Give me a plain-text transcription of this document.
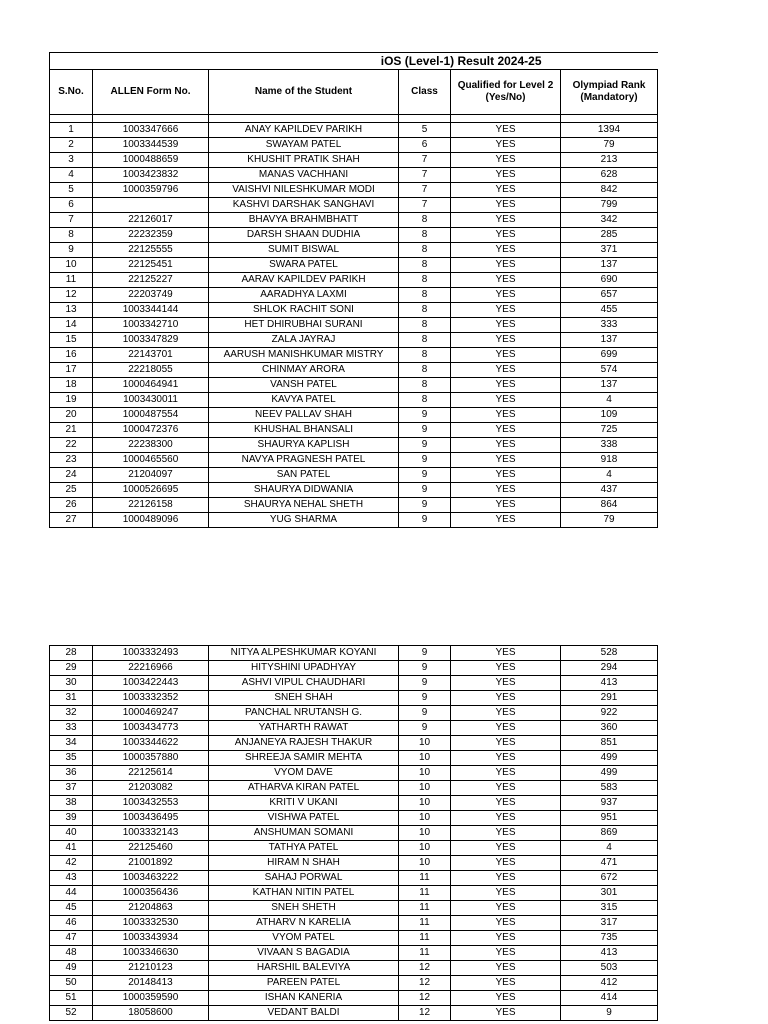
iOS (Level-1) Result 2024-25					
S.No.	ALLEN Form No.	Name of the Student	Class	Qualified for Level 2 (Yes/No)	Olympiad Rank (Mandatory)

1	1003347666	ANAY KAPILDEV PARIKH	5	YES	1394
2	1003344539	SWAYAM PATEL	6	YES	79
3	1000488659	KHUSHIT PRATIK SHAH	7	YES	213
4	1003423832	MANAS VACHHANI	7	YES	628
5	1000359796	VAISHVI NILESHKUMAR MODI	7	YES	842
6		KASHVI DARSHAK SANGHAVI	7	YES	799
7	22126017	BHAVYA BRAHMBHATT	8	YES	342
8	22232359	DARSH SHAAN DUDHIA	8	YES	285
9	22125555	SUMIT BISWAL	8	YES	371
10	22125451	SWARA PATEL	8	YES	137
11	22125227	AARAV KAPILDEV PARIKH	8	YES	690
12	22203749	AARADHYA LAXMI	8	YES	657
13	1003344144	SHLOK RACHIT SONI	8	YES	455
14	1003342710	HET DHIRUBHAI SURANI	8	YES	333
15	1003347829	ZALA JAYRAJ	8	YES	137
16	22143701	AARUSH MANISHKUMAR MISTRY	8	YES	699
17	22218055	CHINMAY ARORA	8	YES	574
18	1000464941	VANSH PATEL	8	YES	137
19	1003430011	KAVYA PATEL	8	YES	4
20	1000487554	NEEV PALLAV SHAH	9	YES	109
21	1000472376	KHUSHAL BHANSALI	9	YES	725
22	22238300	SHAURYA KAPLISH	9	YES	338
23	1000465560	NAVYA PRAGNESH PATEL	9	YES	918
24	21204097	SAN PATEL	9	YES	4
25	1000526695	SHAURYA DIDWANIA	9	YES	437
26	22126158	SHAURYA NEHAL SHETH	9	YES	864
27	1000489096	YUG SHARMA	9	YES	79
28	1003332493	NITYA ALPESHKUMAR KOYANI	9	YES	528
29	22216966	HITYSHINI UPADHYAY	9	YES	294
30	1003422443	ASHVI VIPUL CHAUDHARI	9	YES	413
31	1003332352	SNEH SHAH	9	YES	291
32	1000469247	PANCHAL NRUTANSH G.	9	YES	922
33	1003434773	YATHARTH RAWAT	9	YES	360
34	1003344622	ANJANEYA RAJESH THAKUR	10	YES	851
35	1000357880	SHREEJA SAMIR MEHTA	10	YES	499
36	22125614	VYOM DAVE	10	YES	499
37	21203082	ATHARVA KIRAN PATEL	10	YES	583
38	1003432553	KRITI V UKANI	10	YES	937
39	1003436495	VISHWA PATEL	10	YES	951
40	1003332143	ANSHUMAN SOMANI	10	YES	869
41	22125460	TATHYA PATEL	10	YES	4
42	21001892	HIRAM N SHAH	10	YES	471
43	1003463222	SAHAJ PORWAL	11	YES	672
44	1000356436	KATHAN NITIN PATEL	11	YES	301
45	21204863	SNEH SHETH	11	YES	315
46	1003332530	ATHARV N KARELIA	11	YES	317
47	1003343934	VYOM PATEL	11	YES	735
48	1003346630	VIVAAN S BAGADIA	11	YES	413
49	21210123	HARSHIL BALEVIYA	12	YES	503
50	20148413	PAREEN PATEL	12	YES	412
51	1000359590	ISHAN KANERIA	12	YES	414
52	18058600	VEDANT BALDI	12	YES	9
